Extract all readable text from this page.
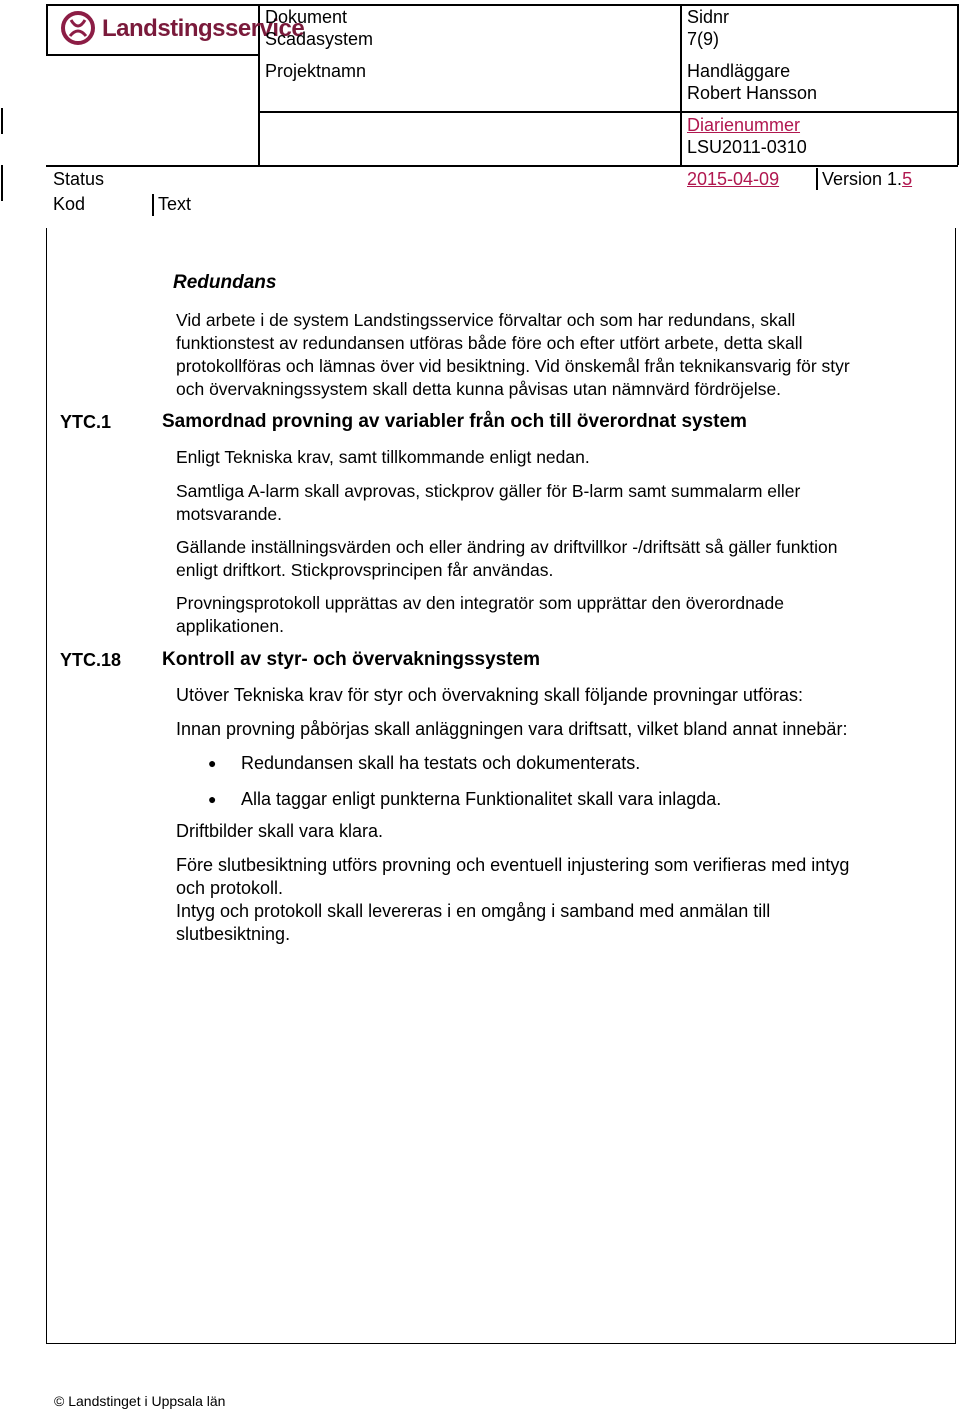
Landstingsservice
Dokument
Scadasystem
Projektnamn
Sidnr
7(9)
Handläggare
Robert Hansson
Diarienummer
LSU2011-0310
Status	2015-04-09 Version 1.5
Kod	Text
Redundans
Vid arbete i de system Landstingsservice förvaltar och som har redundans, skall
funktionstest av redundansen utföras både före och efter utfört arbete, detta skall
protokollföras och lämnas över vid besiktning. Vid önskemål från teknikansvarig för styr
och övervakningssystem skall detta kunna påvisas utan nämnvärd fördröjelse.
YTC.1	Samordnad provning av variabler från och till överordnat system
Enligt Tekniska krav, samt tillkommande enligt nedan.
Samtliga A-larm skall avprovas, stickprov gäller för B-larm samt summalarm eller
motsvarande.
Gällande inställningsvärden och eller ändring av driftvillkor -/driftsätt så gäller funktion
enligt driftkort. Stickprovsprincipen får användas.
Provningsprotokoll upprättas av den integratör som upprättar den överordnade
applikationen.
YTC.18 Kontroll av styr- och övervakningssystem
Utöver Tekniska krav för styr och övervakning skall följande provningar utföras:
Innan provning påbörjas skall anläggningen vara driftsatt, vilket bland annat innebär:
● Redundansen skall ha testats och dokumenterats.
● Alla taggar enligt punkterna Funktionalitet skall vara inlagda.
Driftbilder skall vara klara.
Före slutbesiktning utförs provning och eventuell injustering som verifieras med intyg
och protokoll.
Intyg och protokoll skall levereras i en omgång i samband med anmälan till
slutbesiktning.
© Landstinget i Uppsala län
